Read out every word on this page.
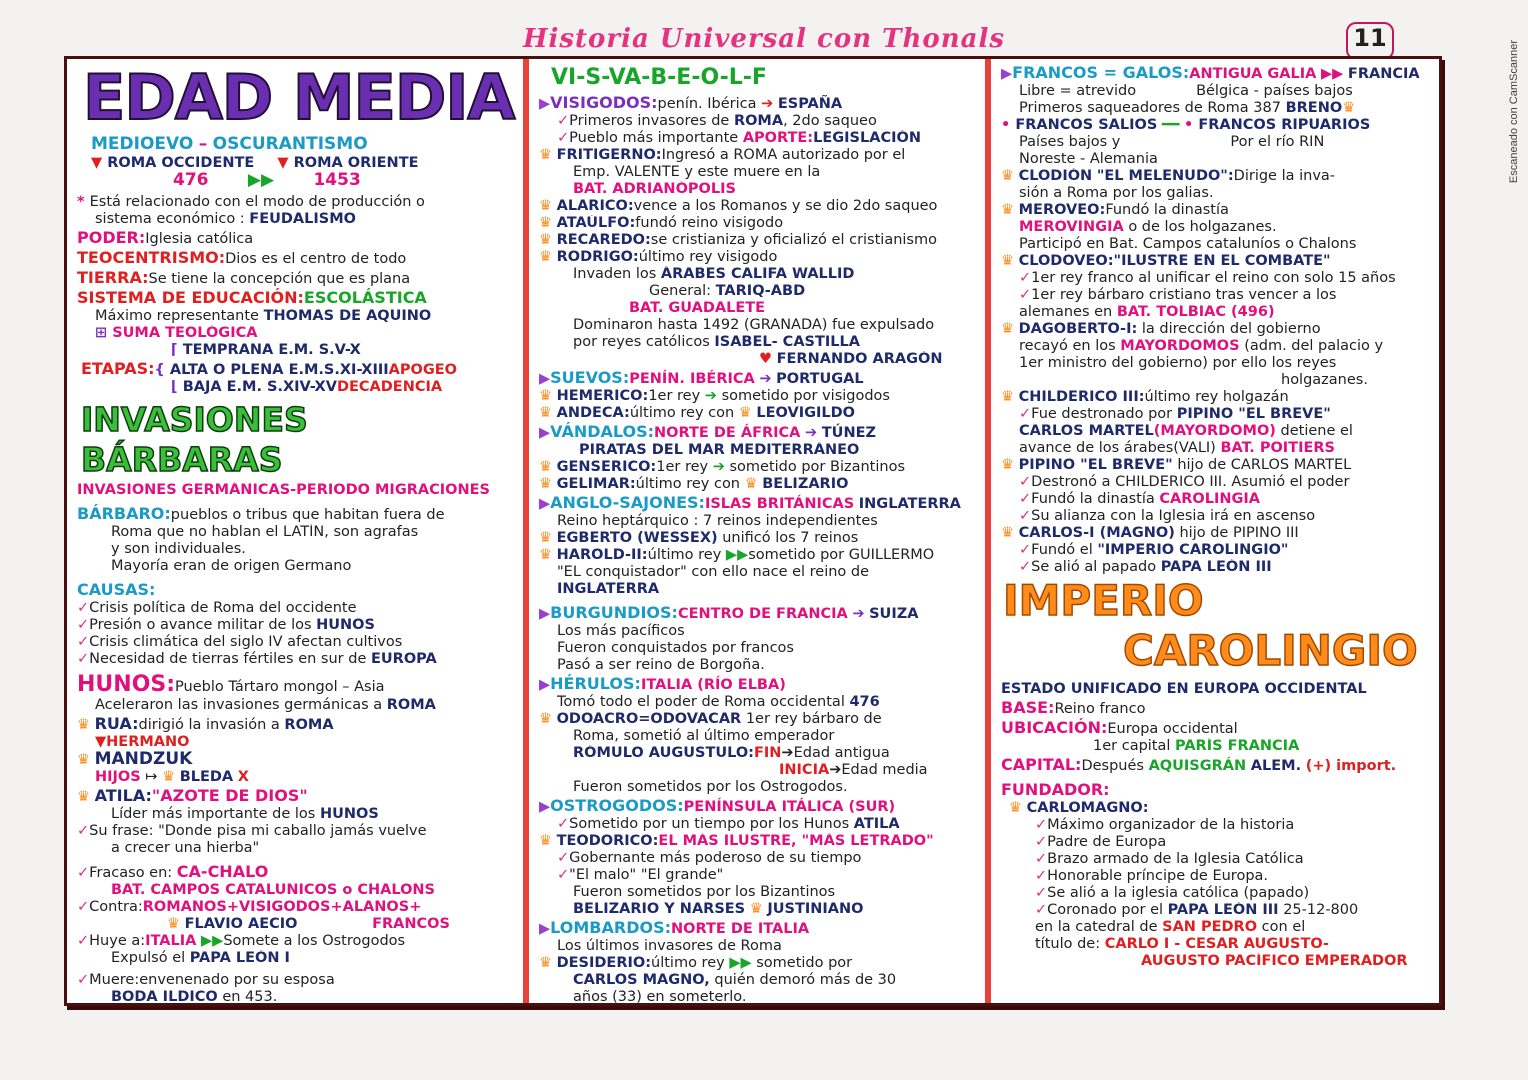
Historia Universal con Thonals	11
Escaneado con CamScanner
EDAD MEDIA
MEDIOEVO – OSCURANTISMO
▼ ROMA OCCIDENTE ▼ ROMA ORIENTE
476 ▶▶ 1453
* Está relacionado con el modo de producción o
sistema económico : FEUDALISMO
PODER:Iglesia católica
TEOCENTRISMO:Dios es el centro de todo
TIERRA:Se tiene la concepción que es plana
SISTEMA DE EDUCACIÓN:ESCOLÁSTICA
Máximo representante THOMAS DE AQUINO
⊞ SUMA TEOLÓGICA
⌈ TEMPRANA E.M. S.V-X
ETAPAS:{ ALTA O PLENA E.M.S.XI-XIIIAPOGEO
⌊ BAJA E.M. S.XIV-XVDECADENCIA
INVASIONES BÁRBARAS
INVASIONES GERMÁNICAS-PERIODO MIGRACIONES
BÁRBARO:pueblos o tribus que habitan fuera de
Roma que no hablan el LATÍN, son agrafas
y son individuales.
Mayoría eran de origen Germano
CAUSAS:
✓Crisis política de Roma del occidente
✓Presión o avance militar de los HUNOS
✓Crisis climática del siglo IV afectan cultivos
✓Necesidad de tierras fértiles en sur de EUROPA
HUNOS:Pueblo Tártaro mongol – Asia
Aceleraron las invasiones germánicas a ROMA
♛ RUA:dirigió la invasión a ROMA
▼HERMANO
♛ MANDZUK
HIJOS ↦ ♛ BLEDA X
♛ ATILA:"AZOTE DE DIOS"
Líder más importante de los HUNOS
✓Su frase: "Donde pisa mi caballo jamás vuelve
a crecer una hierba"
✓Fracaso en: CA-CHALO
BAT. CAMPOS CATALUNICOS o CHALONS
✓Contra:ROMANOS+VISIGODOS+ALANOS+
♛ FLAVIO AECIO	FRANCOS
✓Huye a:ITALIA ▶▶Somete a los Ostrogodos
Expulsó el PAPA LEÓN I
✓Muere:envenenado por su esposa
BODA ILDICO en 453.
VI-S-VA-B-E-O-L-F
▶VISIGODOS:penín. Ibérica ➔ ESPAÑA
✓Primeros invasores de ROMA, 2do saqueo
✓Pueblo más importante APORTE:LEGISLACIÓN
♛ FRITIGERNO:Ingresó a ROMA autorizado por el
Emp. VALENTE y este muere en la
BAT. ADRIANÓPOLIS
♛ ALARICO:vence a los Romanos y se dio 2do saqueo
♛ ATAÚLFO:fundó reino visigodo
♛ RECAREDO:se cristianiza y oficializó el cristianismo
♛ RODRIGO:último rey visigodo
Invaden los ÁRABES CALIFA WALLID
General: TARIQ-ABD
BAT. GUADALETE
Dominaron hasta 1492 (GRANADA) fue expulsado
por reyes católicos ISABEL- CASTILLA
♥ FERNANDO ARAGÓN
▶SUEVOS:PENÍN. IBÉRICA ➔ PORTUGAL
♛ HEMERICO:1er rey ➔ sometido por visigodos
♛ ANDECA:último rey con ♛ LEOVIGILDO
▶VÁNDALOS:NORTE DE ÁFRICA ➔ TÚNEZ
PIRATAS DEL MAR MEDITERRÁNEO
♛ GENSERICO:1er rey ➔ sometido por Bizantinos
♛ GELIMAR:último rey con ♛ BELIZARIO
▶ANGLO-SAJONES:ISLAS BRITÁNICAS INGLATERRA
Reino heptárquico : 7 reinos independientes
♛ EGBERTO (WESSEX) unificó los 7 reinos
♛ HAROLD-II:último rey ▶▶sometido por GUILLERMO
"EL conquistador" con ello nace el reino de
INGLATERRA
▶BURGUNDIOS:CENTRO DE FRANCIA ➔ SUIZA
Los más pacíficos
Fueron conquistados por francos
Pasó a ser reino de Borgoña.
▶HÉRULOS:ITALIA (RÍO ELBA)
Tomó todo el poder de Roma occidental 476
♛ ODOACRO=ODOVACAR 1er rey bárbaro de
Roma, sometió al último emperador
RÓMULO AUGUSTULO:FIN➔Edad antigua
INICIA➔Edad media
Fueron sometidos por los Ostrogodos.
▶OSTROGODOS:PENÍNSULA ITÁLICA (SUR)
✓Sometido por un tiempo por los Hunos ATILA
♛ TEODORICO:EL MÁS ILUSTRE, "MÁS LETRADO"
✓Gobernante más poderoso de su tiempo
✓"El malo" "El grande"
Fueron sometidos por los Bizantinos
BELIZARIO Y NARSES ♛ JUSTINIANO
▶LOMBARDOS:NORTE DE ITALIA
Los últimos invasores de Roma
♛ DESIDERIO:último rey ▶▶ sometido por
CARLOS MAGNO, quién demoró más de 30
años (33) en someterlo.
▶FRANCOS = GALOS:ANTIGUA GALIA ▶▶ FRANCIA
Libre = atrevido	Bélgica - países bajos
Primeros saqueadores de Roma 387 BRENO♛
• FRANCOS SALIOS ━━ • FRANCOS RIPUARIOS
Países bajos y	Por el río RIN
Noreste - Alemania
♛ CLODIÓN "EL MELENUDO":Dirige la inva-
sión a Roma por los galias.
♛ MEROVEO:Fundó la dinastía
MEROVINGIA o de los holgazanes.
Participó en Bat. Campos cataluníos o Chalons
♛ CLODOVEO:"ILUSTRE EN EL COMBATE"
✓1er rey franco al unificar el reino con solo 15 años
✓1er rey bárbaro cristiano tras vencer a los
alemanes en BAT. TOLBIAC (496)
♛ DAGOBERTO-I: la dirección del gobierno
recayó en los MAYORDOMOS (adm. del palacio y
1er ministro del gobierno) por ello los reyes
holgazanes.
♛ CHILDERICO III:último rey holgazán
✓Fue destronado por PIPINO "EL BREVE"
CARLOS MARTEL(MAYORDOMO) detiene el
avance de los árabes(VALI) BAT. POITIERS
♛ PIPINO "EL BREVE" hijo de CARLOS MARTEL
✓Destronó a CHILDERICO III. Asumió el poder
✓Fundó la dinastía CAROLINGIA
✓Su alianza con la Iglesia irá en ascenso
♛ CARLOS-I (MAGNO) hijo de PIPINO III
✓Fundó el "IMPERIO CAROLINGIO"
✓Se alió al papado PAPA LEÓN III
IMPERIO
CAROLINGIO
ESTADO UNIFICADO EN EUROPA OCCIDENTAL
BASE:Reino franco
UBICACIÓN:Europa occidental
1er capital PARÍS FRANCIA
CAPITAL:Después AQUISGRÁN ALEM. (+) import.
FUNDADOR:
♛ CARLOMAGNO:
✓Máximo organizador de la historia
✓Padre de Europa
✓Brazo armado de la Iglesia Católica
✓Honorable príncipe de Europa.
✓Se alió a la iglesia católica (papado)
✓Coronado por el PAPA LEÓN III 25-12-800
en la catedral de SAN PEDRO con el
título de: CARLO I - CESAR AUGUSTO-
AUGUSTO PACÍFICO EMPERADOR
